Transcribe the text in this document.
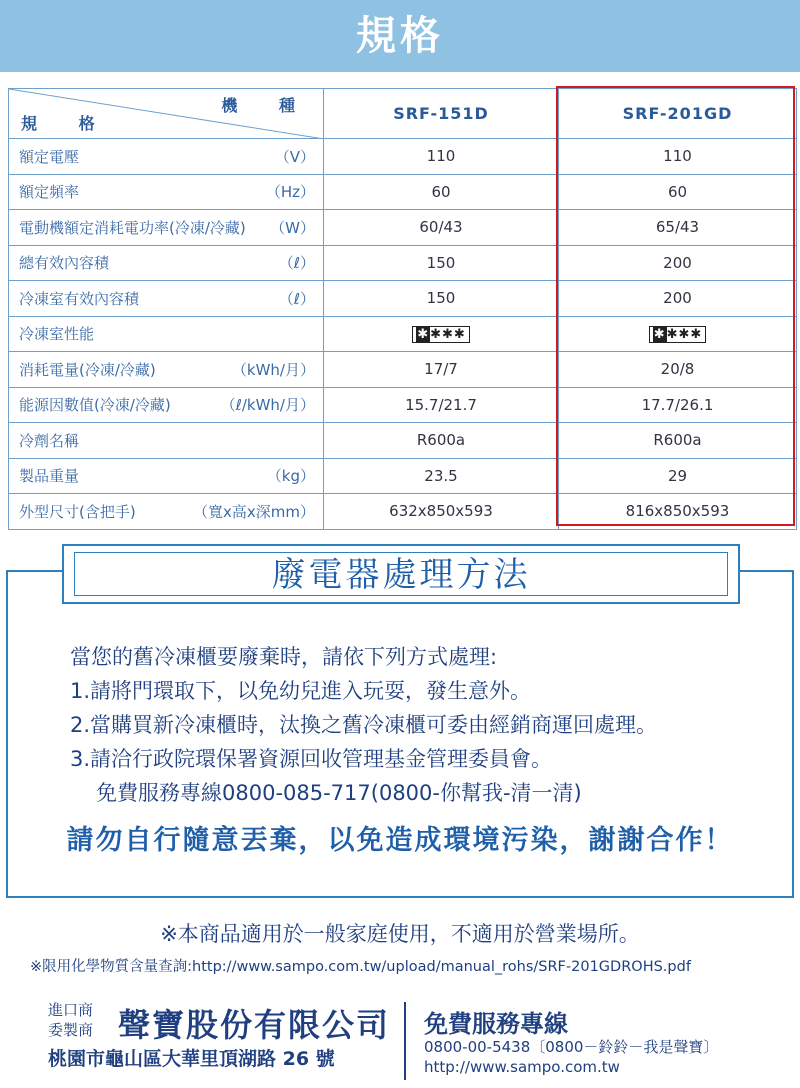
規格
機 種
規 格	SRF-151D	SRF-201GD

額定電壓 （V）	110	110

額定頻率 （Hz）	60	60

電動機額定消耗電功率(冷凍/冷藏) （W）	60/43	65/43

總有效內容積 （ℓ）	150	200

冷凍室有效內容積 （ℓ）	150	200

冷凍室性能	✱✱✱✱	✱✱✱✱

消耗電量(冷凍/冷藏) （kWh/月）	17/7	20/8

能源因數值(冷凍/冷藏) （ℓ/kWh/月）	15.7/21.7	17.7/26.1

冷劑名稱	R600a	R600a

製品重量 （kg）	23.5	29

外型尺寸(含把手) （寬x高x深mm）	632x850x593	816x850x593
廢電器處理方法
當您的舊冷凍櫃要廢棄時，請依下列方式處理:
1.請將門環取下，以免幼兒進入玩耍，發生意外。
2.當購買新冷凍櫃時，汰換之舊冷凍櫃可委由經銷商運回處理。
3.請洽行政院環保署資源回收管理基金管理委員會。
免費服務專線0800-085-717(0800-你幫我-清一清)
請勿自行隨意丟棄，以免造成環境污染，謝謝合作！
※本商品適用於一般家庭使用，不適用於營業場所。
※限用化學物質含量查詢:http://www.sampo.com.tw/upload/manual_rohs/SRF-201GDROHS.pdf
進口商
委製商 聲寶股份有限公司
桃園市龜山區大華里頂湖路 26 號
免費服務專線
0800-00-5438〔0800－鈴鈴－我是聲寶〕
http://www.sampo.com.tw
